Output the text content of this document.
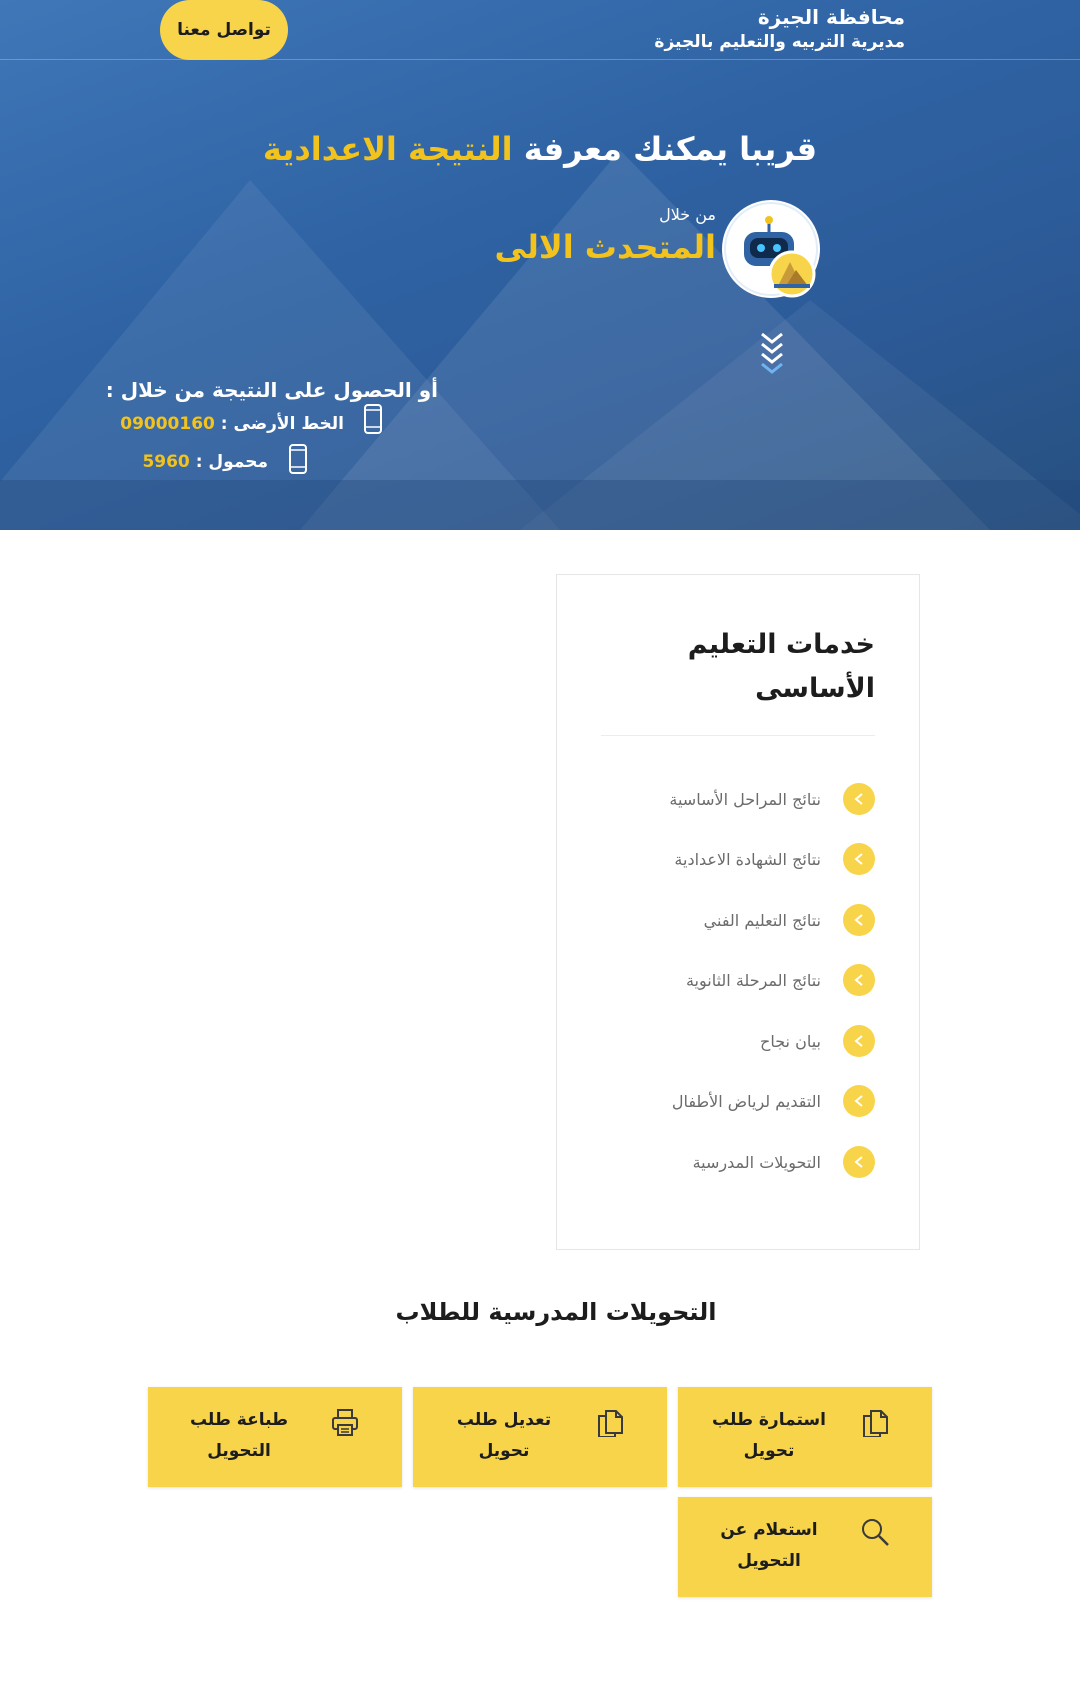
محافظة الجيزة
مديرية التربيه والتعليم بالجيزة
تواصل معنا
قريبا يمكنك معرفة النتيجة الاعدادية
من خلال
المتحدث الالى
أو الحصول على النتيجة من خلال :
الخط الأرضى : 09000160
محمول : 5960
خدمات التعليم الأساسى
نتائج المراحل الأساسية
نتائج الشهادة الاعدادية
نتائج التعليم الفني
نتائج المرحلة الثانوية
بيان نجاح
التقديم لرياض الأطفال
التحويلات المدرسية
التحويلات المدرسية للطلاب
استمارة طلب
تحويل
تعديل طلب
تحويل
طباعة طلب
التحويل
استعلام عن
التحويل
